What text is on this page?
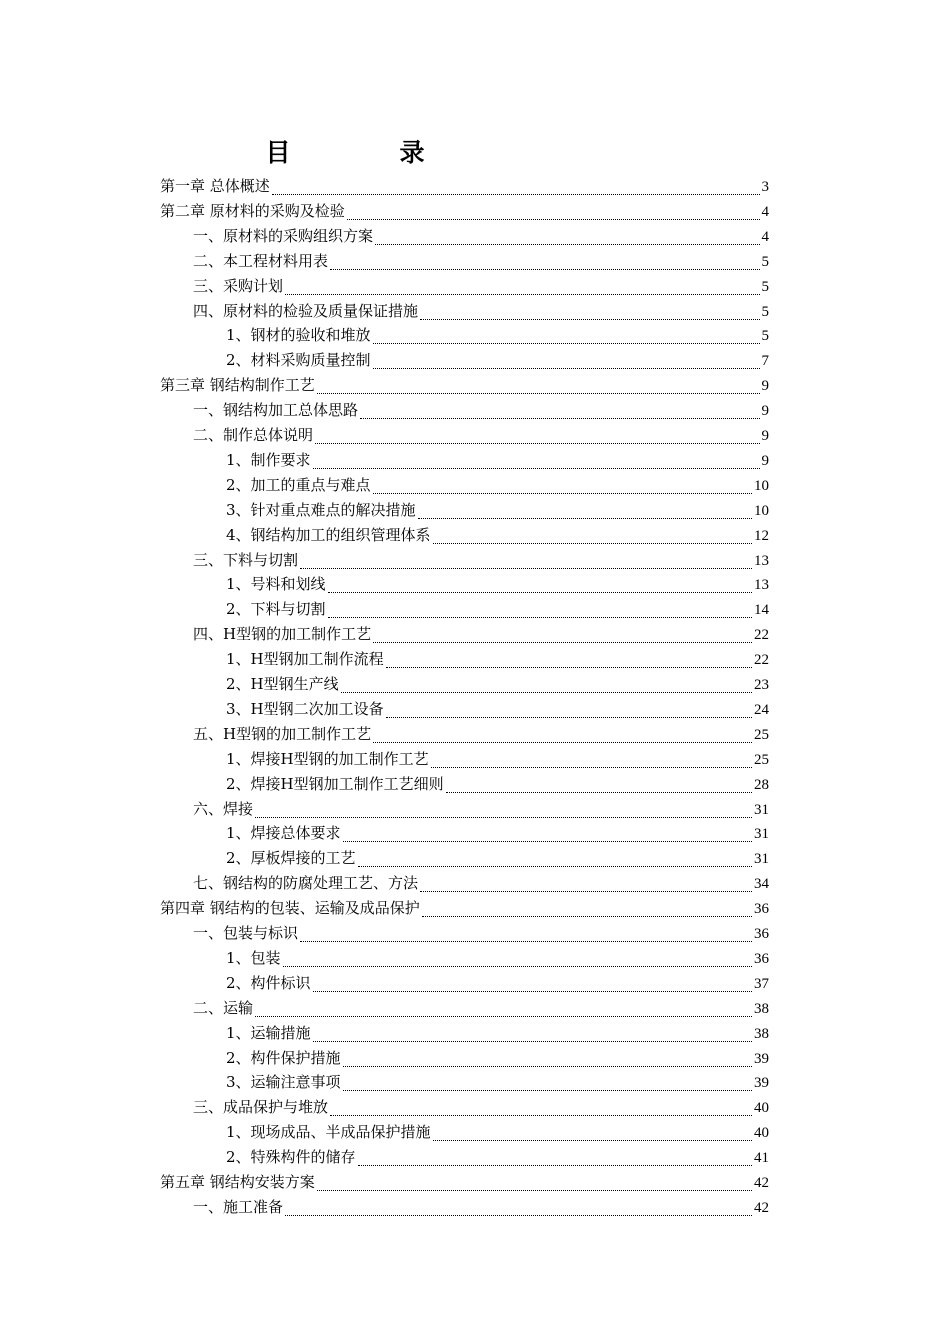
目　录
第一章 总体概述	3
第二章 原材料的采购及检验	4
一、原材料的采购组织方案	4
二、本工程材料用表	5
三、采购计划	5
四、原材料的检验及质量保证措施	5
1、钢材的验收和堆放	5
2、材料采购质量控制	7
第三章 钢结构制作工艺	9
一、钢结构加工总体思路	9
二、制作总体说明	9
1、制作要求	9
2、加工的重点与难点	10
3、针对重点难点的解决措施	10
4、钢结构加工的组织管理体系	12
三、下料与切割	13
1、号料和划线	13
2、下料与切割	14
四、H型钢的加工制作工艺	22
1、H型钢加工制作流程	22
2、H型钢生产线	23
3、H型钢二次加工设备	24
五、H型钢的加工制作工艺	25
1、焊接H型钢的加工制作工艺	25
2、焊接H型钢加工制作工艺细则	28
六、焊接	31
1、焊接总体要求	31
2、厚板焊接的工艺	31
七、钢结构的防腐处理工艺、方法	34
第四章 钢结构的包装、运输及成品保护	36
一、包装与标识	36
1、包装	36
2、构件标识	37
二、运输	38
1、运输措施	38
2、构件保护措施	39
3、运输注意事项	39
三、成品保护与堆放	40
1、现场成品、半成品保护措施	40
2、特殊构件的储存	41
第五章 钢结构安装方案	42
一、施工准备	42
